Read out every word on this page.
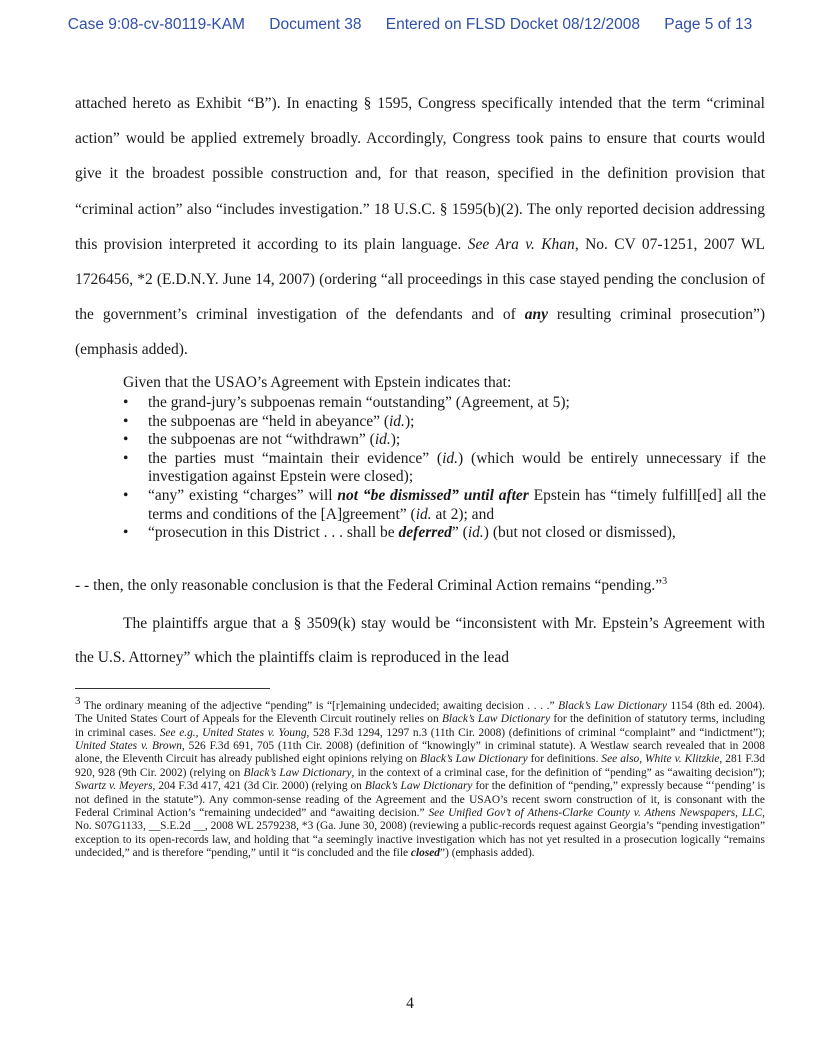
Case 9:08-cv-80119-KAM Document 38 Entered on FLSD Docket 08/12/2008 Page 5 of 13

attached hereto as Exhibit “B”). In enacting § 1595, Congress specifically intended that the term “criminal action” would be applied extremely broadly. Accordingly, Congress took pains to ensure that courts would give it the broadest possible construction and, for that reason, specified in the definition provision that “criminal action” also “includes investigation.” 18 U.S.C. § 1595(b)(2). The only reported decision addressing this provision interpreted it according to its plain language. See Ara v. Khan, No. CV 07-1251, 2007 WL 1726456, *2 (E.D.N.Y. June 14, 2007) (ordering “all proceedings in this case stayed pending the conclusion of the government’s criminal investigation of the defendants and of any resulting criminal prosecution”) (emphasis added).

Given that the USAO’s Agreement with Epstein indicates that:
• the grand-jury’s subpoenas remain “outstanding” (Agreement, at 5);
• the subpoenas are “held in abeyance” (id.);
• the subpoenas are not “withdrawn” (id.);
• the parties must “maintain their evidence” (id.) (which would be entirely unnecessary if the investigation against Epstein were closed);
• “any” existing “charges” will not “be dismissed” until after Epstein has “timely fulfill[ed] all the terms and conditions of the [A]greement” (id. at 2); and
• “prosecution in this District . . . shall be deferred” (id.) (but not closed or dismissed),
- - then, the only reasonable conclusion is that the Federal Criminal Action remains “pending.”$^3$

The plaintiffs argue that a § 3509(k) stay would be “inconsistent with Mr. Epstein’s Agreement with the U.S. Attorney” which the plaintiffs claim is reproduced in the lead

$^3$ The ordinary meaning of the adjective “pending” is “[r]emaining undecided; awaiting decision . . . .” Black’s Law Dictionary 1154 (8th ed. 2004). The United States Court of Appeals for the Eleventh Circuit routinely relies on Black’s Law Dictionary for the definition of statutory terms, including in criminal cases. See e.g., United States v. Young, 528 F.3d 1294, 1297 n.3 (11th Cir. 2008) (definitions of criminal “complaint” and “indictment”); United States v. Brown, 526 F.3d 691, 705 (11th Cir. 2008) (definition of “knowingly” in criminal statute). A Westlaw search revealed that in 2008 alone, the Eleventh Circuit has already published eight opinions relying on Black’s Law Dictionary for definitions. See also, White v. Klitzkie, 281 F.3d 920, 928 (9th Cir. 2002) (relying on Black’s Law Dictionary, in the context of a criminal case, for the definition of “pending” as “awaiting decision”); Swartz v. Meyers, 204 F.3d 417, 421 (3d Cir. 2000) (relying on Black’s Law Dictionary for the definition of “pending,” expressly because “‘pending’ is not defined in the statute”). Any common-sense reading of the Agreement and the USAO’s recent sworn construction of it, is consonant with the Federal Criminal Action’s “remaining undecided” and “awaiting decision.” See Unified Gov’t of Athens-Clarke County v. Athens Newspapers, LLC, No. S07G1133, __S.E.2d __, 2008 WL 2579238, *3 (Ga. June 30, 2008) (reviewing a public-records request against Georgia’s “pending investigation” exception to its open-records law, and holding that “a seemingly inactive investigation which has not yet resulted in a prosecution logically “remains undecided,” and is therefore “pending,” until it “is concluded and the file closed”) (emphasis added).
4
